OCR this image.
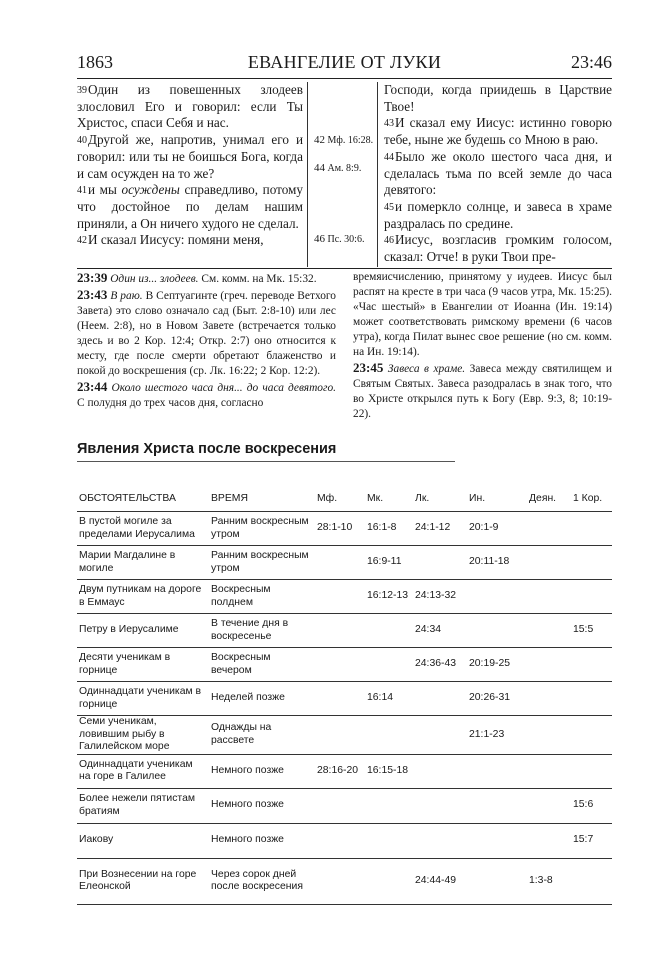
1863	ЕВАНГЕЛИЕ ОТ ЛУКИ	23:46

$^{39}$Один из повешенных злодеев злословил Его и говорил: если Ты Христос, спаси Себя и нас.

$^{40}$Другой же, напротив, унимал его и говорил: или ты не боишься Бога, когда и сам осужден на то же?

$^{41}$и мы осуждены справедливо, потому что достойное по делам нашим приняли, а Он ничего худого не сделал.

$^{42}$И сказал Иисусу: помяни меня,

42 Мф. 16:28.
44 Ам. 8:9.
46 Пс. 30:6.

Господи, когда приидешь в Царствие Твое!

$^{43}$И сказал ему Иисус: истинно говорю тебе, ныне же будешь со Мною в раю.

$^{44}$Было же около шестого часа дня, и сделалась тьма по всей земле до часа девятого:

$^{45}$и померкло солнце, и завеса в храме раздралась по средине.

$^{46}$Иисус, возгласив громким голосом, сказал: Отче! в руки Твои пре-

23:39 Один из... злодеев. См. комм. на Мк. 15:32.

23:43 В раю. В Септуагинте (греч. переводе Ветхого Завета) это слово означало сад (Быт. 2:8-10) или лес (Неем. 2:8), но в Новом Завете (встречается только здесь и во 2 Кор. 12:4; Откр. 2:7) оно относится к месту, где после смерти обретают блаженство и покой до воскрешения (ср. Лк. 16:22; 2 Кор. 12:2).

23:44 Около шестого часа дня... до часа девятого. С полудня до трех часов дня, согласно

времяисчислению, принятому у иудеев. Иисус был распят на кресте в три часа (9 часов утра, Мк. 15:25). «Час шестый» в Евангелии от Иоанна (Ин. 19:14) может соответствовать римскому времени (6 часов утра), когда Пилат вынес свое решение (но см. комм. на Ин. 19:14).

23:45 Завеса в храме. Завеса между святилищем и Святым Святых. Завеса разодралась в знак того, что во Христе открылся путь к Богу (Евр. 9:3, 8; 10:19-22).

Явления Христа после воскресения
ОБСТОЯТЕЛЬСТВА	ВРЕМЯ	Мф.	Мк.	Лк.	Ин.	Деян.	1 Кор.
В пустой могиле за пределами Иерусалима	Ранним воскресным утром	28:1-10	16:1-8	24:1-12	20:1-9		
Марии Магдалине в могиле	Ранним воскресным утром		16:9-11		20:11-18		
Двум путникам на дороге в Еммаус	Воскресным полднем		16:12-13	24:13-32			
Петру в Иерусалиме	В течение дня в воскресенье			24:34			15:5
Десяти ученикам в горнице	Воскресным вечером			24:36-43	20:19-25		
Одиннадцати ученикам в горнице	Неделей позже		16:14		20:26-31		
Семи ученикам, ловившим рыбу в Галилейском море	Однажды на рассвете				21:1-23		
Одиннадцати ученикам на горе в Галилее	Немного позже	28:16-20	16:15-18				
Более нежели пятистам братиям	Немного позже						15:6
Иакову	Немного позже						15:7
При Вознесении на горе Елеонской	Через сорок дней после воскресения			24:44-49		1:3-8	
